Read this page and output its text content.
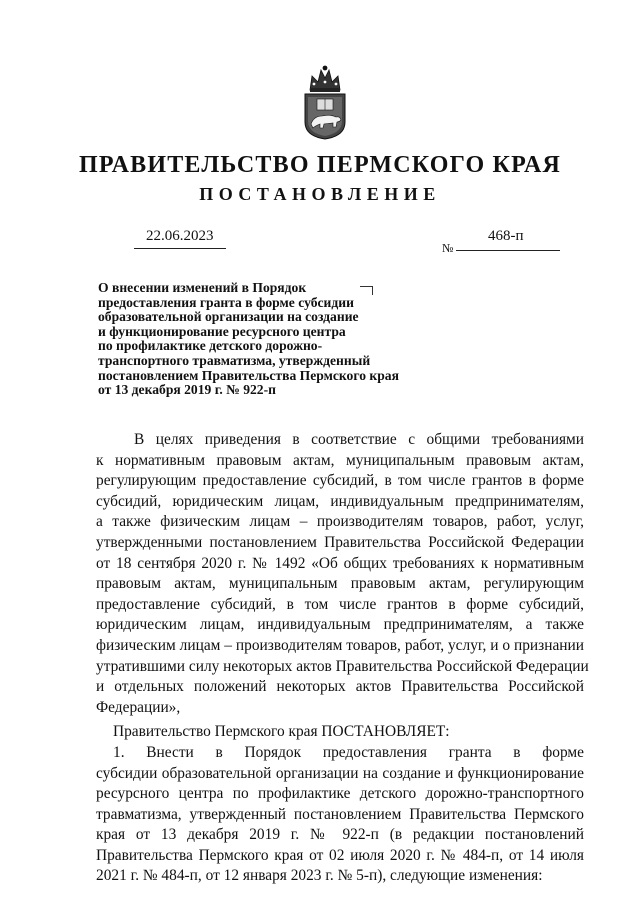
ПРАВИТЕЛЬСТВО ПЕРМСКОГО КРАЯ
ПОСТАНОВЛЕНИЕ
22.06.2023
№
468-п
О внесении изменений в Порядок
предоставления гранта в форме субсидии
образовательной организации на создание
и функционирование ресурсного центра
по профилактике детского дорожно-
транспортного травматизма, утвержденный
постановлением Правительства Пермского края
от 13 декабря 2019 г. № 922-п
В целях приведения в соответствие с общими требованиями
к нормативным правовым актам, муниципальным правовым актам,
регулирующим предоставление субсидий, в том числе грантов в форме
субсидий, юридическим лицам, индивидуальным предпринимателям,
а также физическим лицам – производителям товаров, работ, услуг,
утвержденными постановлением Правительства Российской Федерации
от 18 сентября 2020 г. № 1492 «Об общих требованиях к нормативным
правовым актам, муниципальным правовым актам, регулирующим
предоставление субсидий, в том числе грантов в форме субсидий,
юридическим лицам, индивидуальным предпринимателям, а также
физическим лицам – производителям товаров, работ, услуг, и о признании
утратившими силу некоторых актов Правительства Российской Федерации
и отдельных положений некоторых актов Правительства Российской
Федерации»,
Правительство Пермского края ПОСТАНОВЛЯЕТ:
1. Внести в Порядок предоставления гранта в форме
субсидии образовательной организации на создание и функционирование
ресурсного центра по профилактике детского дорожно-транспортного
травматизма, утвержденный постановлением Правительства Пермского
края от 13 декабря 2019 г. № 922-п (в редакции постановлений
Правительства Пермского края от 02 июля 2020 г. № 484-п, от 14 июля
2021 г. № 484-п, от 12 января 2023 г. № 5-п), следующие изменения:
